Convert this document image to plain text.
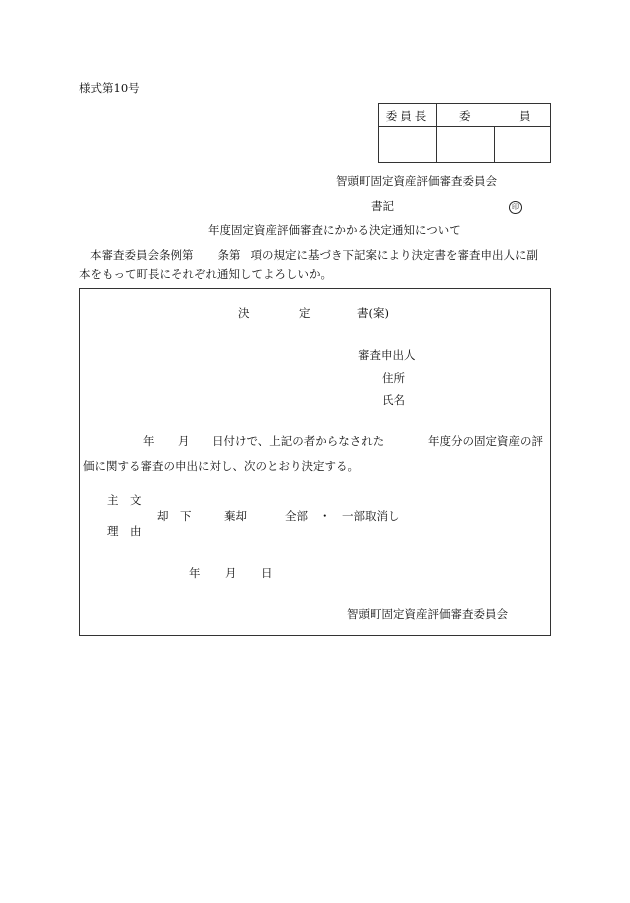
様式第10号
委員長	委	員
智頭町固定資産評価審査委員会
書記	印
年度固定資産評価審査にかかる決定通知について
本審査委員会条例第 条第 項の規定に基づき下記案により決定書を審査申出人に副
本をもって町長にそれぞれ通知してよろしいか。
決	定	書(案)
審査申出人
住所
氏名
年 月 日付けで、上記の者からなされた	年度分の固定資産の評
価に関する審査の申出に対し、次のとおり決定する。
主 文
却 下	棄却	全部 ・ 一部取消し
理 由
年 月 日
智頭町固定資産評価審査委員会
